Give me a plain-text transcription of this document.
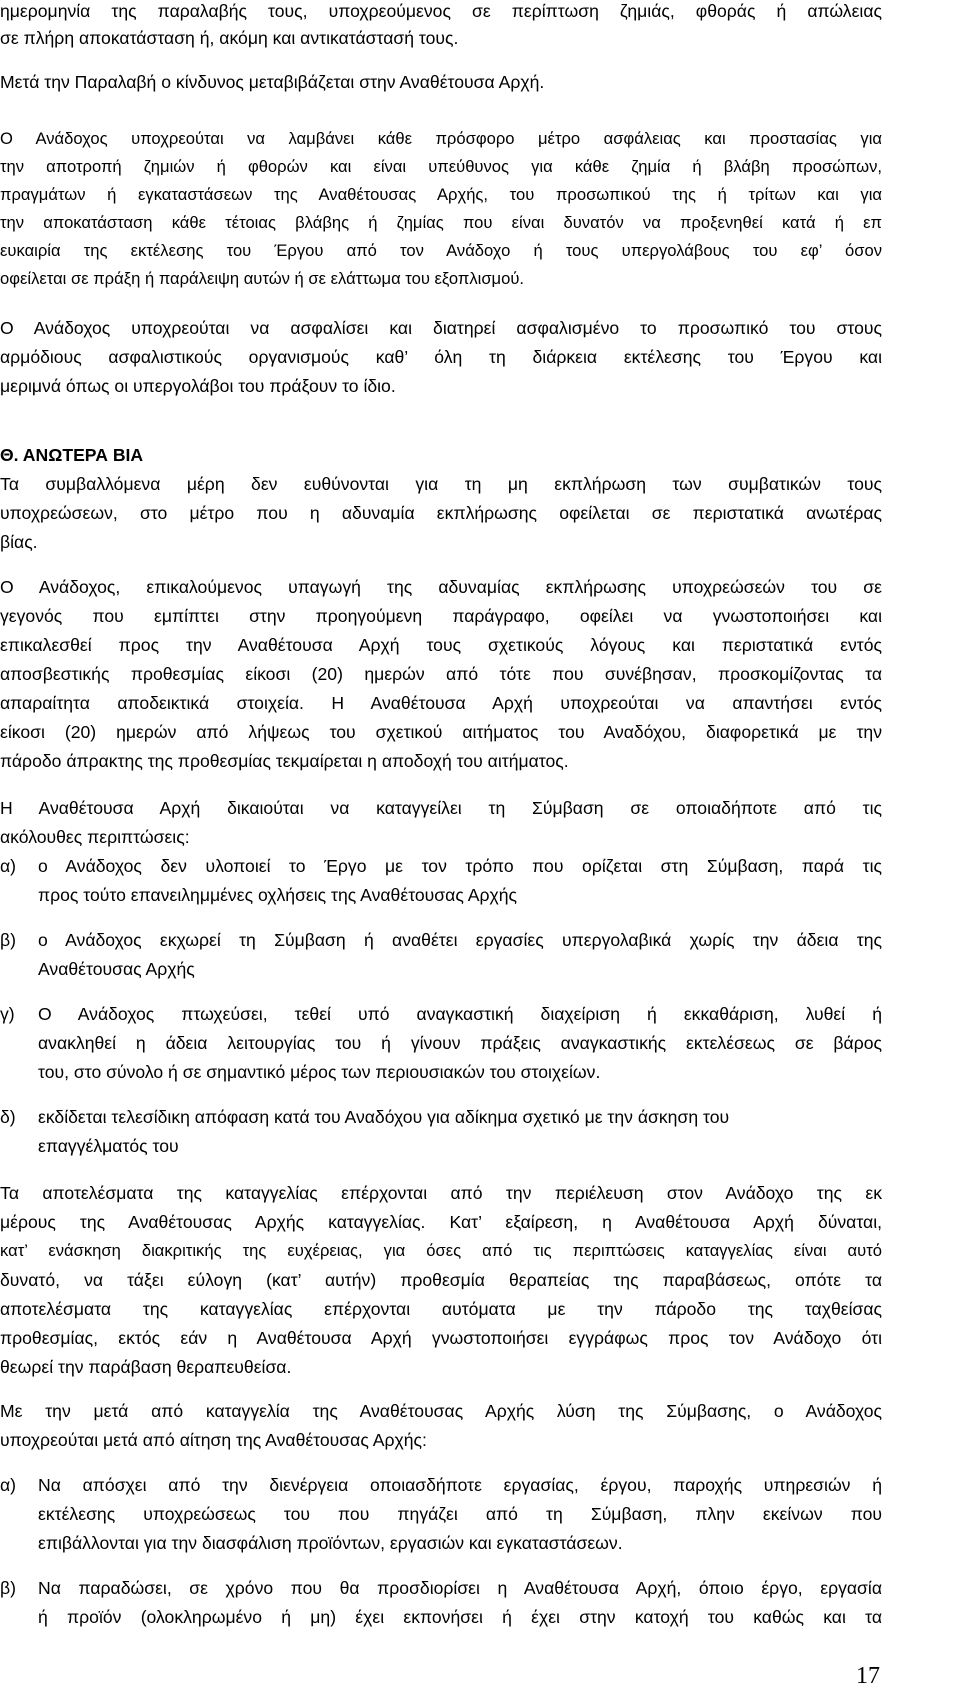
ημερομηνία της παραλαβής τους, υποχρεούμενος σε περίπτωση ζημιάς, φθοράς ή απώλειας

σε πλήρη αποκατάσταση ή, ακόμη και αντικατάστασή τους.

Μετά την Παραλαβή ο κίνδυνος μεταβιβάζεται στην Αναθέτουσα Αρχή.

Ο Ανάδοχος υποχρεούται να λαμβάνει κάθε πρόσφορο μέτρο ασφάλειας και προστασίας για

την αποτροπή ζημιών ή φθορών και είναι υπεύθυνος για κάθε ζημία ή βλάβη προσώπων,

πραγμάτων ή εγκαταστάσεων της Αναθέτουσας Αρχής, του προσωπικού της ή τρίτων και για

την αποκατάσταση κάθε τέτοιας βλάβης ή ζημίας που είναι δυνατόν να προξενηθεί κατά ή επ

ευκαιρία της εκτέλεσης του Έργου από τον Ανάδοχο ή τους υπεργολάβους του εφ’ όσον

οφείλεται σε πράξη ή παράλειψη αυτών ή σε ελάττωμα του εξοπλισμού.

Ο Ανάδοχος υποχρεούται να ασφαλίσει και διατηρεί ασφαλισμένο το προσωπικό του στους

αρμόδιους ασφαλιστικούς οργανισμούς καθ’ όλη τη διάρκεια εκτέλεσης του Έργου και

μεριμνά όπως οι υπεργολάβοι του πράξουν το ίδιο.

Θ. ΑΝΩΤΕΡΑ ΒΙΑ

Τα συμβαλλόμενα μέρη δεν ευθύνονται για τη μη εκπλήρωση των συμβατικών τους

υποχρεώσεων, στο μέτρο που η αδυναμία εκπλήρωσης οφείλεται σε περιστατικά ανωτέρας

βίας.

Ο Ανάδοχος, επικαλούμενος υπαγωγή της αδυναμίας εκπλήρωσης υποχρεώσεών του σε

γεγονός που εμπίπτει στην προηγούμενη παράγραφο, οφείλει να γνωστοποιήσει και

επικαλεσθεί προς την Αναθέτουσα Αρχή τους σχετικούς λόγους και περιστατικά εντός

αποσβεστικής προθεσμίας είκοσι (20) ημερών από τότε που συνέβησαν, προσκομίζοντας τα

απαραίτητα αποδεικτικά στοιχεία. Η Αναθέτουσα Αρχή υποχρεούται να απαντήσει εντός

είκοσι (20) ημερών από λήψεως του σχετικού αιτήματος του Αναδόχου, διαφορετικά με την

πάροδο άπρακτης της προθεσμίας τεκμαίρεται η αποδοχή του αιτήματος.

Η Αναθέτουσα Αρχή δικαιούται να καταγγείλει τη Σύμβαση σε οποιαδήποτε από τις

ακόλουθες περιπτώσεις:

α) ο Ανάδοχος δεν υλοποιεί το Έργο με τον τρόπο που ορίζεται στη Σύμβαση, παρά τις

προς τούτο επανειλημμένες οχλήσεις της Αναθέτουσας Αρχής

β) ο Ανάδοχος εκχωρεί τη Σύμβαση ή αναθέτει εργασίες υπεργολαβικά χωρίς την άδεια της

Αναθέτουσας Αρχής

γ) Ο Ανάδοχος πτωχεύσει, τεθεί υπό αναγκαστική διαχείριση ή εκκαθάριση, λυθεί ή

ανακληθεί η άδεια λειτουργίας του ή γίνουν πράξεις αναγκαστικής εκτελέσεως σε βάρος

του, στο σύνολο ή σε σημαντικό μέρος των περιουσιακών του στοιχείων.

δ) εκδίδεται τελεσίδικη απόφαση κατά του Αναδόχου για αδίκημα σχετικό με την άσκηση του

επαγγέλματός του

Τα αποτελέσματα της καταγγελίας επέρχονται από την περιέλευση στον Ανάδοχο της εκ

μέρους της Αναθέτουσας Αρχής καταγγελίας. Κατ’ εξαίρεση, η Αναθέτουσα Αρχή δύναται,

κατ’ ενάσκηση διακριτικής της ευχέρειας, για όσες από τις περιπτώσεις καταγγελίας είναι αυτό

δυνατό, να τάξει εύλογη (κατ’ αυτήν) προθεσμία θεραπείας της παραβάσεως, οπότε τα

αποτελέσματα της καταγγελίας επέρχονται αυτόματα με την πάροδο της ταχθείσας

προθεσμίας, εκτός εάν η Αναθέτουσα Αρχή γνωστοποιήσει εγγράφως προς τον Ανάδοχο ότι

θεωρεί την παράβαση θεραπευθείσα.

Με την μετά από καταγγελία της Αναθέτουσας Αρχής λύση της Σύμβασης, ο Ανάδοχος

υποχρεούται μετά από αίτηση της Αναθέτουσας Αρχής:

α) Να απόσχει από την διενέργεια οποιασδήποτε εργασίας, έργου, παροχής υπηρεσιών ή

εκτέλεσης υποχρεώσεως του που πηγάζει από τη Σύμβαση, πλην εκείνων που

επιβάλλονται για την διασφάλιση προϊόντων, εργασιών και εγκαταστάσεων.

β) Να παραδώσει, σε χρόνο που θα προσδιορίσει η Αναθέτουσα Αρχή, όποιο έργο, εργασία

ή προϊόν (ολοκληρωμένο ή μη) έχει εκπονήσει ή έχει στην κατοχή του καθώς και τα

17
